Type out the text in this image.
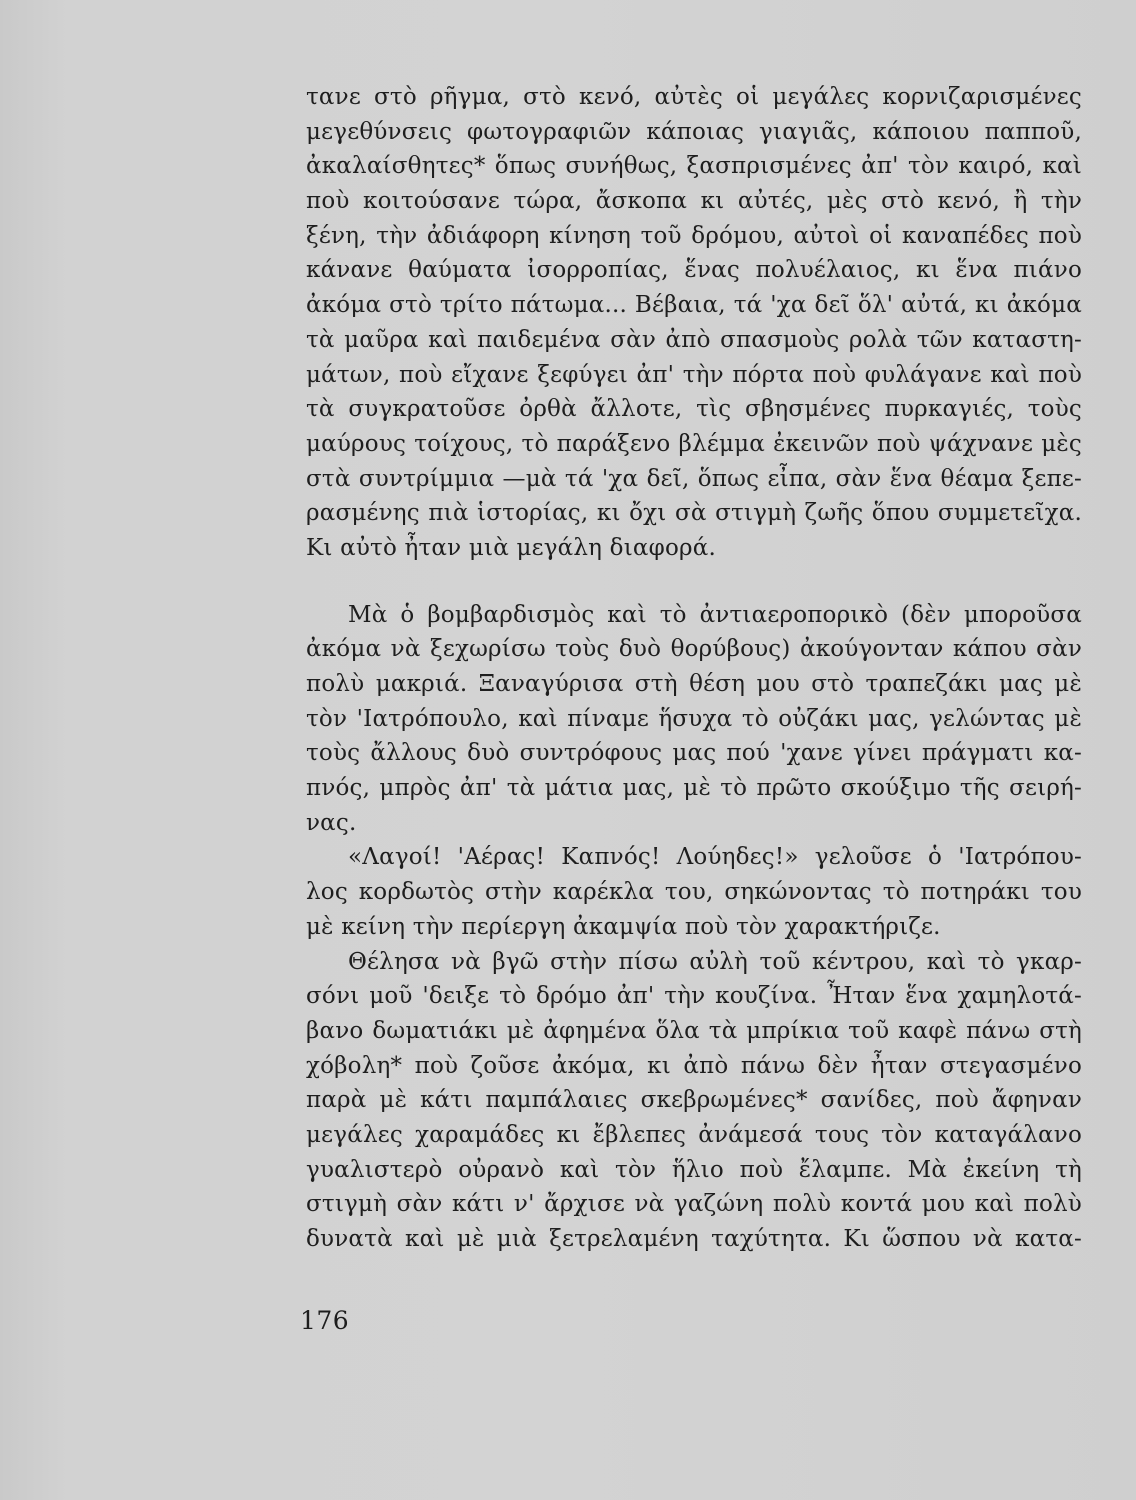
τανε στὸ ρῆγμα, στὸ κενό, αὐτὲς οἱ μεγάλες κορνιζαρισμένες
μεγεθύνσεις φωτογραφιῶν κάποιας γιαγιᾶς, κάποιου παπποῦ,
ἀκαλαίσθητες* ὅπως συνήθως, ξασπρισμένες ἀπ' τὸν καιρό, καὶ
ποὺ κοιτούσανε τώρα, ἄσκοπα κι αὐτές, μὲς στὸ κενό, ἢ τὴν
ξένη, τὴν ἀδιάφορη κίνηση τοῦ δρόμου, αὐτοὶ οἱ καναπέδες ποὺ
κάνανε θαύματα ἰσορροπίας, ἕνας πολυέλαιος, κι ἕνα πιάνο
ἀκόμα στὸ τρίτο πάτωμα... Βέβαια, τά 'χα δεῖ ὅλ' αὐτά, κι ἀκόμα
τὰ μαῦρα καὶ παιδεμένα σὰν ἀπὸ σπασμοὺς ρολὰ τῶν καταστη-
μάτων, ποὺ εἴχανε ξεφύγει ἀπ' τὴν πόρτα ποὺ φυλάγανε καὶ ποὺ
τὰ συγκρατοῦσε ὀρθὰ ἄλλοτε, τὶς σβησμένες πυρκαγιές, τοὺς
μαύρους τοίχους, τὸ παράξενο βλέμμα ἐκεινῶν ποὺ ψάχνανε μὲς
στὰ συντρίμμια —μὰ τά 'χα δεῖ, ὅπως εἶπα, σὰν ἕνα θέαμα ξεπε-
ρασμένης πιὰ ἱστορίας, κι ὄχι σὰ στιγμὴ ζωῆς ὅπου συμμετεῖχα.
Κι αὐτὸ ἦταν μιὰ μεγάλη διαφορά.
Μὰ ὁ βομβαρδισμὸς καὶ τὸ ἀντιαεροπορικὸ (δὲν μποροῦσα
ἀκόμα νὰ ξεχωρίσω τοὺς δυὸ θορύβους) ἀκούγονταν κάπου σὰν
πολὺ μακριά. Ξαναγύρισα στὴ θέση μου στὸ τραπεζάκι μας μὲ
τὸν 'Ιατρόπουλο, καὶ πίναμε ἥσυχα τὸ οὐζάκι μας, γελώντας μὲ
τοὺς ἄλλους δυὸ συντρόφους μας πού 'χανε γίνει πράγματι κα-
πνός, μπρὸς ἀπ' τὰ μάτια μας, μὲ τὸ πρῶτο σκούξιμο τῆς σειρή-
νας.
«Λαγοί! 'Αέρας! Καπνός! Λούηδες!» γελοῦσε ὁ 'Ιατρόπου-
λος κορδωτὸς στὴν καρέκλα του, σηκώνοντας τὸ ποτηράκι του
μὲ κείνη τὴν περίεργη ἀκαμψία ποὺ τὸν χαρακτήριζε.
Θέλησα νὰ βγῶ στὴν πίσω αὐλὴ τοῦ κέντρου, καὶ τὸ γκαρ-
σόνι μοῦ 'δειξε τὸ δρόμο ἀπ' τὴν κουζίνα. Ἦταν ἕνα χαμηλοτά-
βανο δωματιάκι μὲ ἀφημένα ὅλα τὰ μπρίκια τοῦ καφὲ πάνω στὴ
χόβολη* ποὺ ζοῦσε ἀκόμα, κι ἀπὸ πάνω δὲν ἦταν στεγασμένο
παρὰ μὲ κάτι παμπάλαιες σκεβρωμένες* σανίδες, ποὺ ἄφηναν
μεγάλες χαραμάδες κι ἔβλεπες ἀνάμεσά τους τὸν καταγάλανο
γυαλιστερὸ οὐρανὸ καὶ τὸν ἥλιο ποὺ ἔλαμπε. Μὰ ἐκείνη τὴ
στιγμὴ σὰν κάτι ν' ἄρχισε νὰ γαζώνη πολὺ κοντά μου καὶ πολὺ
δυνατὰ καὶ μὲ μιὰ ξετρελαμένη ταχύτητα. Κι ὥσπου νὰ κατα-
176
